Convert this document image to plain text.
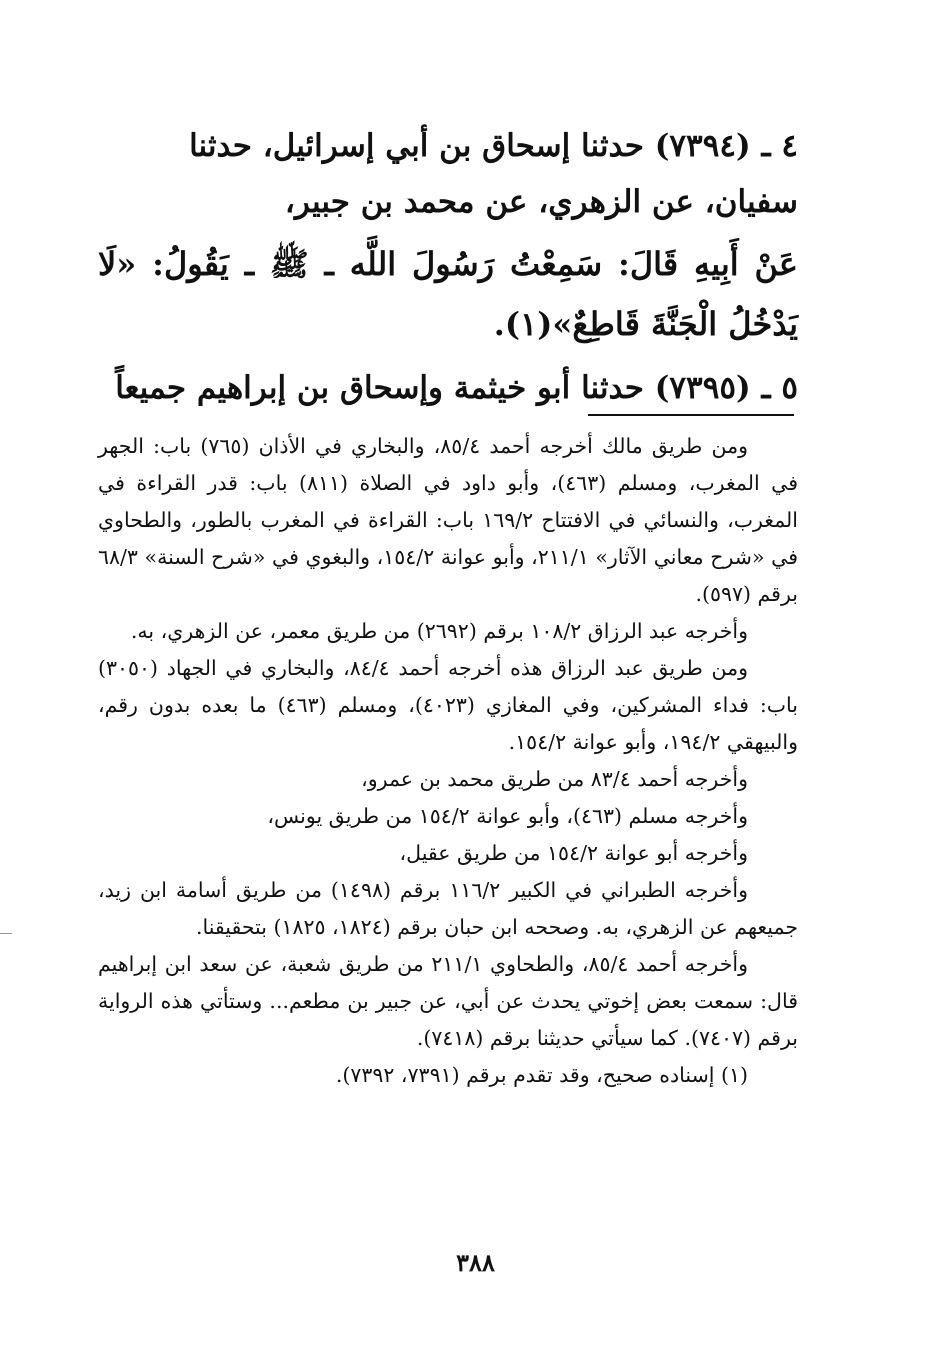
٤ ـ (٧٣٩٤) حدثنا إسحاق بن أبي إسرائيل، حدثنا

سفيان، عن الزهري، عن محمد بن جبير،

عَنْ أَبِيهِ قَالَ: سَمِعْتُ رَسُولَ اللَّه ـ ﷺ ـ يَقُولُ: «لَا يَدْخُلُ الْجَنَّةَ قَاطِعٌ»(١).

٥ ـ (٧٣٩٥) حدثنا أبو خيثمة وإسحاق بن إبراهيم جميعاً

ومن طريق مالك أخرجه أحمد ٨٥/٤، والبخاري في الأذان (٧٦٥) باب: الجهر في المغرب، ومسلم (٤٦٣)، وأبو داود في الصلاة (٨١١) باب: قدر القراءة في المغرب، والنسائي في الافتتاح ١٦٩/٢ باب: القراءة في المغرب بالطور، والطحاوي في «شرح معاني الآثار» ٢١١/١، وأبو عوانة ١٥٤/٢، والبغوي في «شرح السنة» ٦٨/٣ برقم (٥٩٧).

وأخرجه عبد الرزاق ١٠٨/٢ برقم (٢٦٩٢) من طريق معمر، عن الزهري، به.

ومن طريق عبد الرزاق هذه أخرجه أحمد ٨٤/٤، والبخاري في الجهاد (٣٠٥٠) باب: فداء المشركين، وفي المغازي (٤٠٢٣)، ومسلم (٤٦٣) ما بعده بدون رقم، والبيهقي ١٩٤/٢، وأبو عوانة ١٥٤/٢.

وأخرجه أحمد ٨٣/٤ من طريق محمد بن عمرو،

وأخرجه مسلم (٤٦٣)، وأبو عوانة ١٥٤/٢ من طريق يونس،

وأخرجه أبو عوانة ١٥٤/٢ من طريق عقيل،

وأخرجه الطبراني في الكبير ١١٦/٢ برقم (١٤٩٨) من طريق أسامة ابن زيد، جميعهم عن الزهري، به. وصححه ابن حبان برقم (١٨٢٤، ١٨٢٥) بتحقيقنا.

وأخرجه أحمد ٨٥/٤، والطحاوي ٢١١/١ من طريق شعبة، عن سعد ابن إبراهيم قال: سمعت بعض إخوتي يحدث عن أبي، عن جبير بن مطعم... وستأتي هذه الرواية برقم (٧٤٠٧). كما سيأتي حديثنا برقم (٧٤١٨).

(١) إسناده صحيح، وقد تقدم برقم (٧٣٩١، ٧٣٩٢).

٣٨٨
